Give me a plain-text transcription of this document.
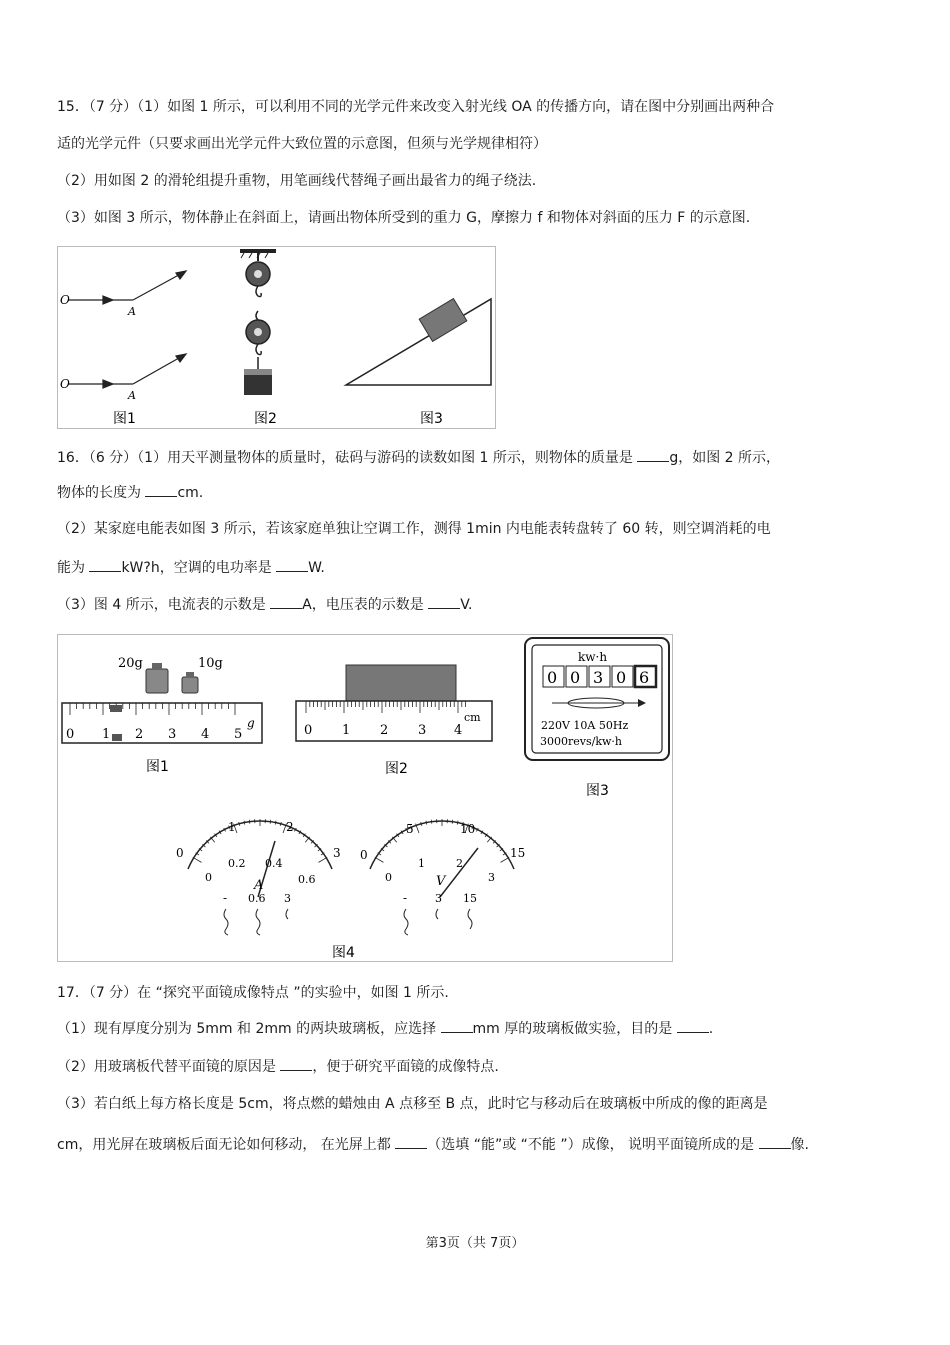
15．（7 分）（1）如图 1 所示，可以利用不同的光学元件来改变入射光线 OA 的传播方向，请在图中分别画出两种合
适的光学元件（只要求画出光学元件大致位置的示意图，但须与光学规律相符）
（2）用如图 2 的滑轮组提升重物，用笔画线代替绳子画出最省力的绳子绕法.
（3）如图 3 所示，物体静止在斜面上，请画出物体所受到的重力 G，摩擦力 f 和物体对斜面的压力 F 的示意图.
O
A
O
A
图1	图2	图3
16．（6 分）（1）用天平测量物体的质量时，砝码与游码的读数如图 1 所示，则物体的质量是	g，如图 2 所示，
物体的长度为	cm.
（2）某家庭电能表如图 3 所示，若该家庭单独让空调工作，测得 1min 内电能表转盘转了 60 转，则空调消耗的电
能为	kW?h，空调的电功率是	W.
（3）图 4 所示，电流表的示数是	A，电压表的示数是	V.
20g	10g
0 1 2 3 4 5
g	0 1 2 3 4
cm
kw·h
0 0 3 0 6
220V 10A 50Hz
3000revs/kw·h
图1	图2
图3
0
1	2
3
0
0.2 0.4
0.6
A
- 0.6 3
0
5	10
15
0
1	2
3
V
-	3 15
图4
17．（7 分）在 “探究平面镜成像特点 ”的实验中，如图 1 所示.
（1）现有厚度分别为 5mm 和 2mm 的两块玻璃板，应选择	mm 厚的玻璃板做实验，目的是	.
（2）用玻璃板代替平面镜的原因是	，便于研究平面镜的成像特点.
（3）若白纸上每方格长度是 5cm，将点燃的蜡烛由 A 点移至 B 点，此时它与移动后在玻璃板中所成的像的距离是
cm，用光屏在玻璃板后面无论如何移动， 在光屏上都	（选填 “能”或 “不能 ”）成像， 说明平面镜所成的是	像.
第3页（共 7页）
